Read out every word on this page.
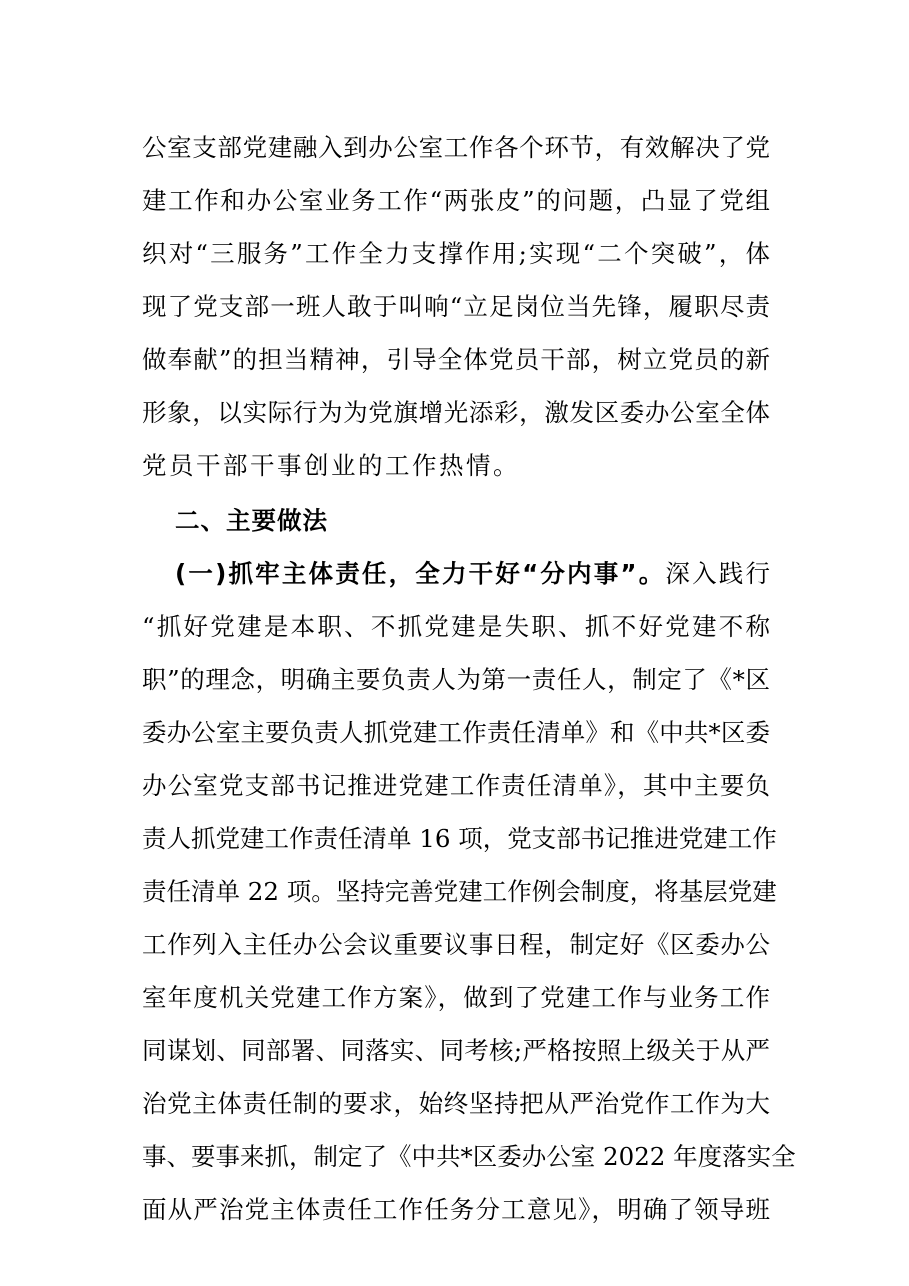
公室支部党建融入到办公室工作各个环节，有效解决了党
建工作和办公室业务工作“两张皮”的问题，凸显了党组
织对“三服务”工作全力支撑作用;实现“二个突破”，体
现了党支部一班人敢于叫响“立足岗位当先锋，履职尽责
做奉献”的担当精神，引导全体党员干部，树立党员的新
形象，以实际行为为党旗增光添彩，激发区委办公室全体
党员干部干事创业的工作热情。
二、主要做法
(一)抓牢主体责任，全力干好“分内事”。深入践行
“抓好党建是本职、不抓党建是失职、抓不好党建不称
职”的理念，明确主要负责人为第一责任人，制定了《*区
委办公室主要负责人抓党建工作责任清单》和《中共*区委
办公室党支部书记推进党建工作责任清单》，其中主要负
责人抓党建工作责任清单 16 项，党支部书记推进党建工作
责任清单 22 项。坚持完善党建工作例会制度，将基层党建
工作列入主任办公会议重要议事日程，制定好《区委办公
室年度机关党建工作方案》，做到了党建工作与业务工作
同谋划、同部署、同落实、同考核;严格按照上级关于从严
治党主体责任制的要求，始终坚持把从严治党作工作为大
事、要事来抓，制定了《中共*区委办公室 2022 年度落实全
面从严治党主体责任工作任务分工意见》，明确了领导班
